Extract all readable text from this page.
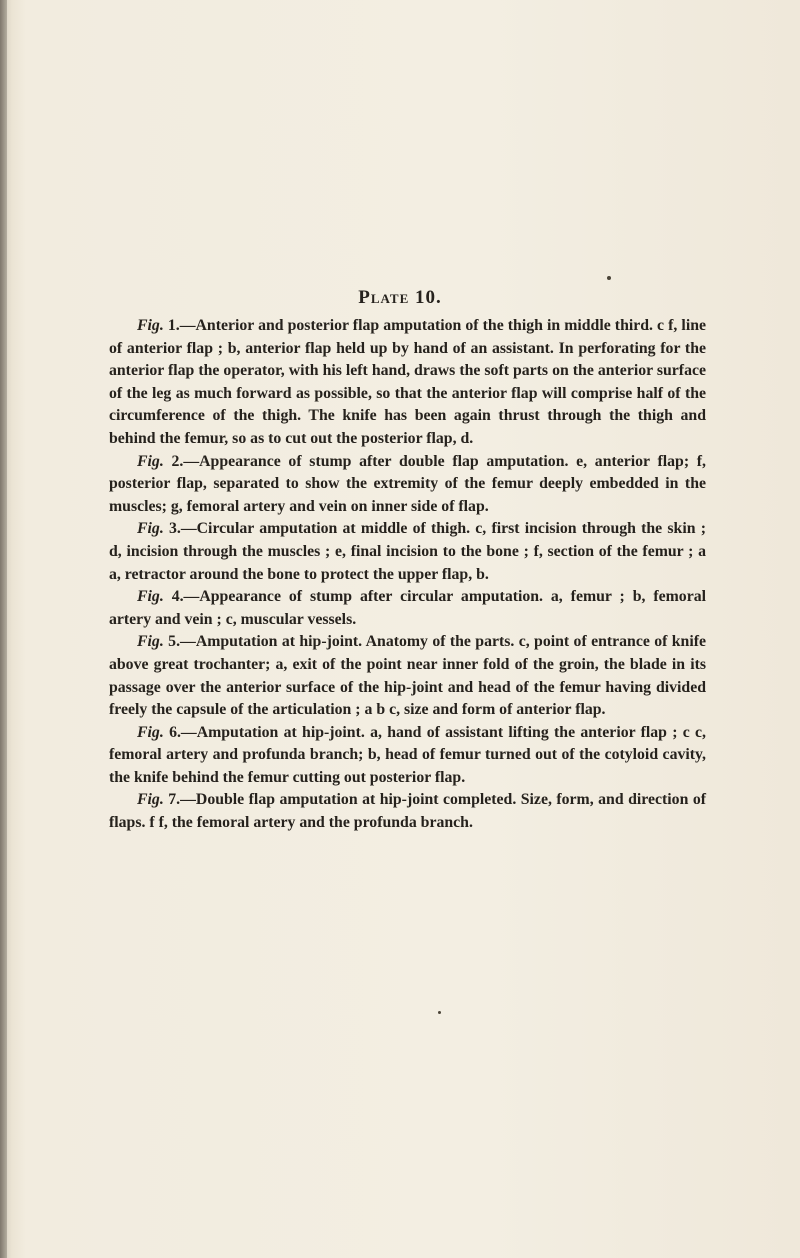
Plate 10.

Fig. 1.—Anterior and posterior flap amputation of the thigh in middle third. c f, line of anterior flap ; b, anterior flap held up by hand of an assistant. In perforating for the anterior flap the operator, with his left hand, draws the soft parts on the anterior surface of the leg as much forward as possible, so that the anterior flap will comprise half of the circumference of the thigh. The knife has been again thrust through the thigh and behind the femur, so as to cut out the posterior flap, d.

Fig. 2.—Appearance of stump after double flap amputation. e, anterior flap; f, posterior flap, separated to show the extremity of the femur deeply embedded in the muscles; g, femoral artery and vein on inner side of flap.

Fig. 3.—Circular amputation at middle of thigh. c, first incision through the skin ; d, incision through the muscles ; e, final incision to the bone ; f, section of the femur ; a a, retractor around the bone to protect the upper flap, b.

Fig. 4.—Appearance of stump after circular amputation. a, femur ; b, femoral artery and vein ; c, muscular vessels.

Fig. 5.—Amputation at hip-joint. Anatomy of the parts. c, point of entrance of knife above great trochanter; a, exit of the point near inner fold of the groin, the blade in its passage over the anterior surface of the hip-joint and head of the femur having divided freely the capsule of the articulation ; a b c, size and form of anterior flap.

Fig. 6.—Amputation at hip-joint. a, hand of assistant lifting the anterior flap ; c c, femoral artery and profunda branch; b, head of femur turned out of the cotyloid cavity, the knife behind the femur cutting out posterior flap.

Fig. 7.—Double flap amputation at hip-joint completed. Size, form, and direction of flaps. f f, the femoral artery and the profunda branch.
